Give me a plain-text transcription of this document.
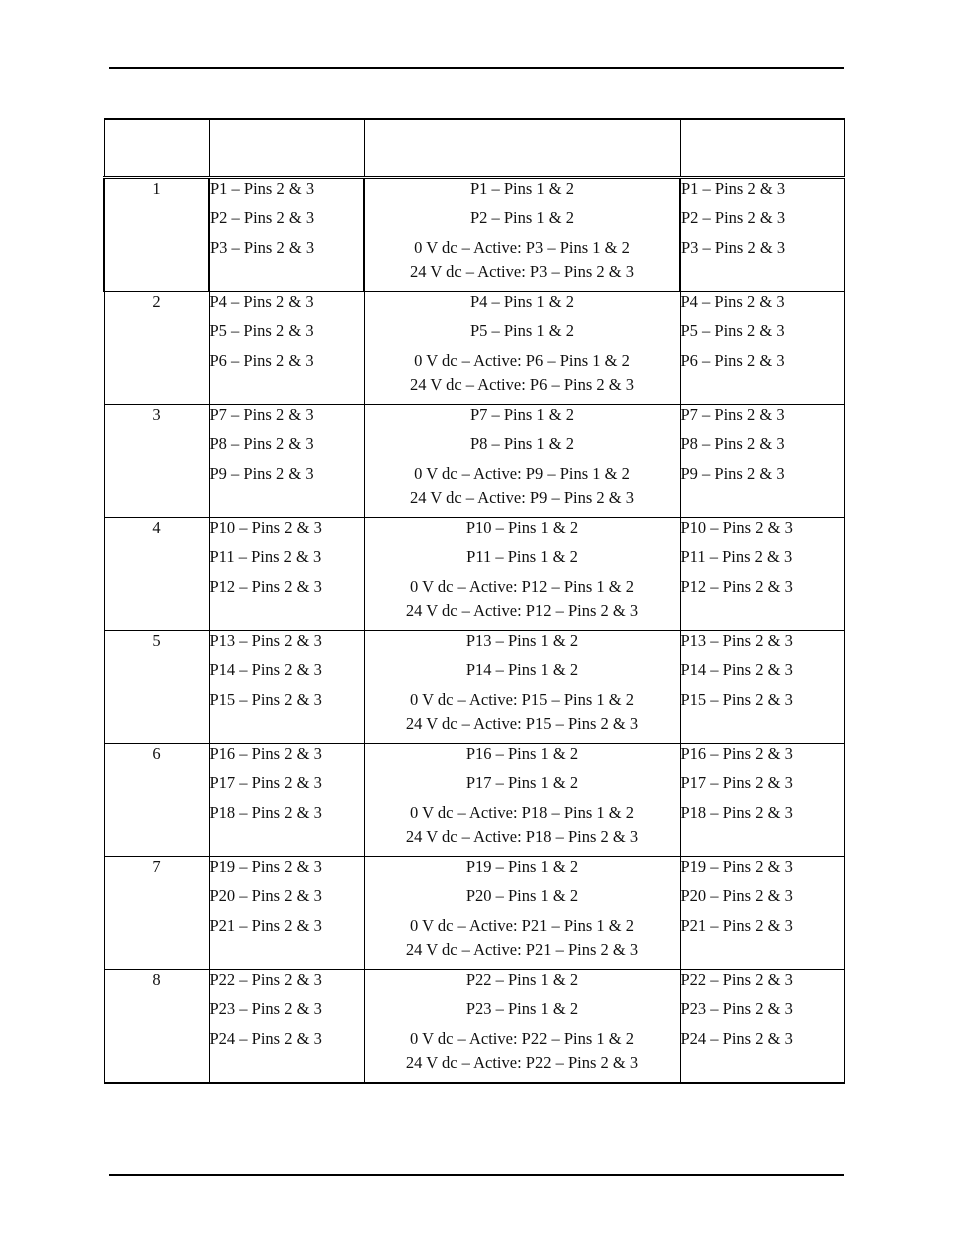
1	P1 – Pins 2 & 3
P2 – Pins 2 & 3
P3 – Pins 2 & 3	P1 – Pins 1 & 2
P2 – Pins 1 & 2
0 V dc – Active: P3 – Pins 1 & 2
24 V dc – Active: P3 – Pins 2 & 3	P1 – Pins 2 & 3
P2 – Pins 2 & 3
P3 – Pins 2 & 3

2	P4 – Pins 2 & 3
P5 – Pins 2 & 3
P6 – Pins 2 & 3	P4 – Pins 1 & 2
P5 – Pins 1 & 2
0 V dc – Active: P6 – Pins 1 & 2
24 V dc – Active: P6 – Pins 2 & 3	P4 – Pins 2 & 3
P5 – Pins 2 & 3
P6 – Pins 2 & 3

3	P7 – Pins 2 & 3
P8 – Pins 2 & 3
P9 – Pins 2 & 3	P7 – Pins 1 & 2
P8 – Pins 1 & 2
0 V dc – Active: P9 – Pins 1 & 2
24 V dc – Active: P9 – Pins 2 & 3	P7 – Pins 2 & 3
P8 – Pins 2 & 3
P9 – Pins 2 & 3

4	P10 – Pins 2 & 3
P11 – Pins 2 & 3
P12 – Pins 2 & 3	P10 – Pins 1 & 2
P11 – Pins 1 & 2
0 V dc – Active: P12 – Pins 1 & 2
24 V dc – Active: P12 – Pins 2 & 3	P10 – Pins 2 & 3
P11 – Pins 2 & 3
P12 – Pins 2 & 3

5	P13 – Pins 2 & 3
P14 – Pins 2 & 3
P15 – Pins 2 & 3	P13 – Pins 1 & 2
P14 – Pins 1 & 2
0 V dc – Active: P15 – Pins 1 & 2
24 V dc – Active: P15 – Pins 2 & 3	P13 – Pins 2 & 3
P14 – Pins 2 & 3
P15 – Pins 2 & 3

6	P16 – Pins 2 & 3
P17 – Pins 2 & 3
P18 – Pins 2 & 3	P16 – Pins 1 & 2
P17 – Pins 1 & 2
0 V dc – Active: P18 – Pins 1 & 2
24 V dc – Active: P18 – Pins 2 & 3	P16 – Pins 2 & 3
P17 – Pins 2 & 3
P18 – Pins 2 & 3

7	P19 – Pins 2 & 3
P20 – Pins 2 & 3
P21 – Pins 2 & 3	P19 – Pins 1 & 2
P20 – Pins 1 & 2
0 V dc – Active: P21 – Pins 1 & 2
24 V dc – Active: P21 – Pins 2 & 3	P19 – Pins 2 & 3
P20 – Pins 2 & 3
P21 – Pins 2 & 3

8	P22 – Pins 2 & 3
P23 – Pins 2 & 3
P24 – Pins 2 & 3	P22 – Pins 1 & 2
P23 – Pins 1 & 2
0 V dc – Active: P22 – Pins 1 & 2
24 V dc – Active: P22 – Pins 2 & 3	P22 – Pins 2 & 3
P23 – Pins 2 & 3
P24 – Pins 2 & 3
